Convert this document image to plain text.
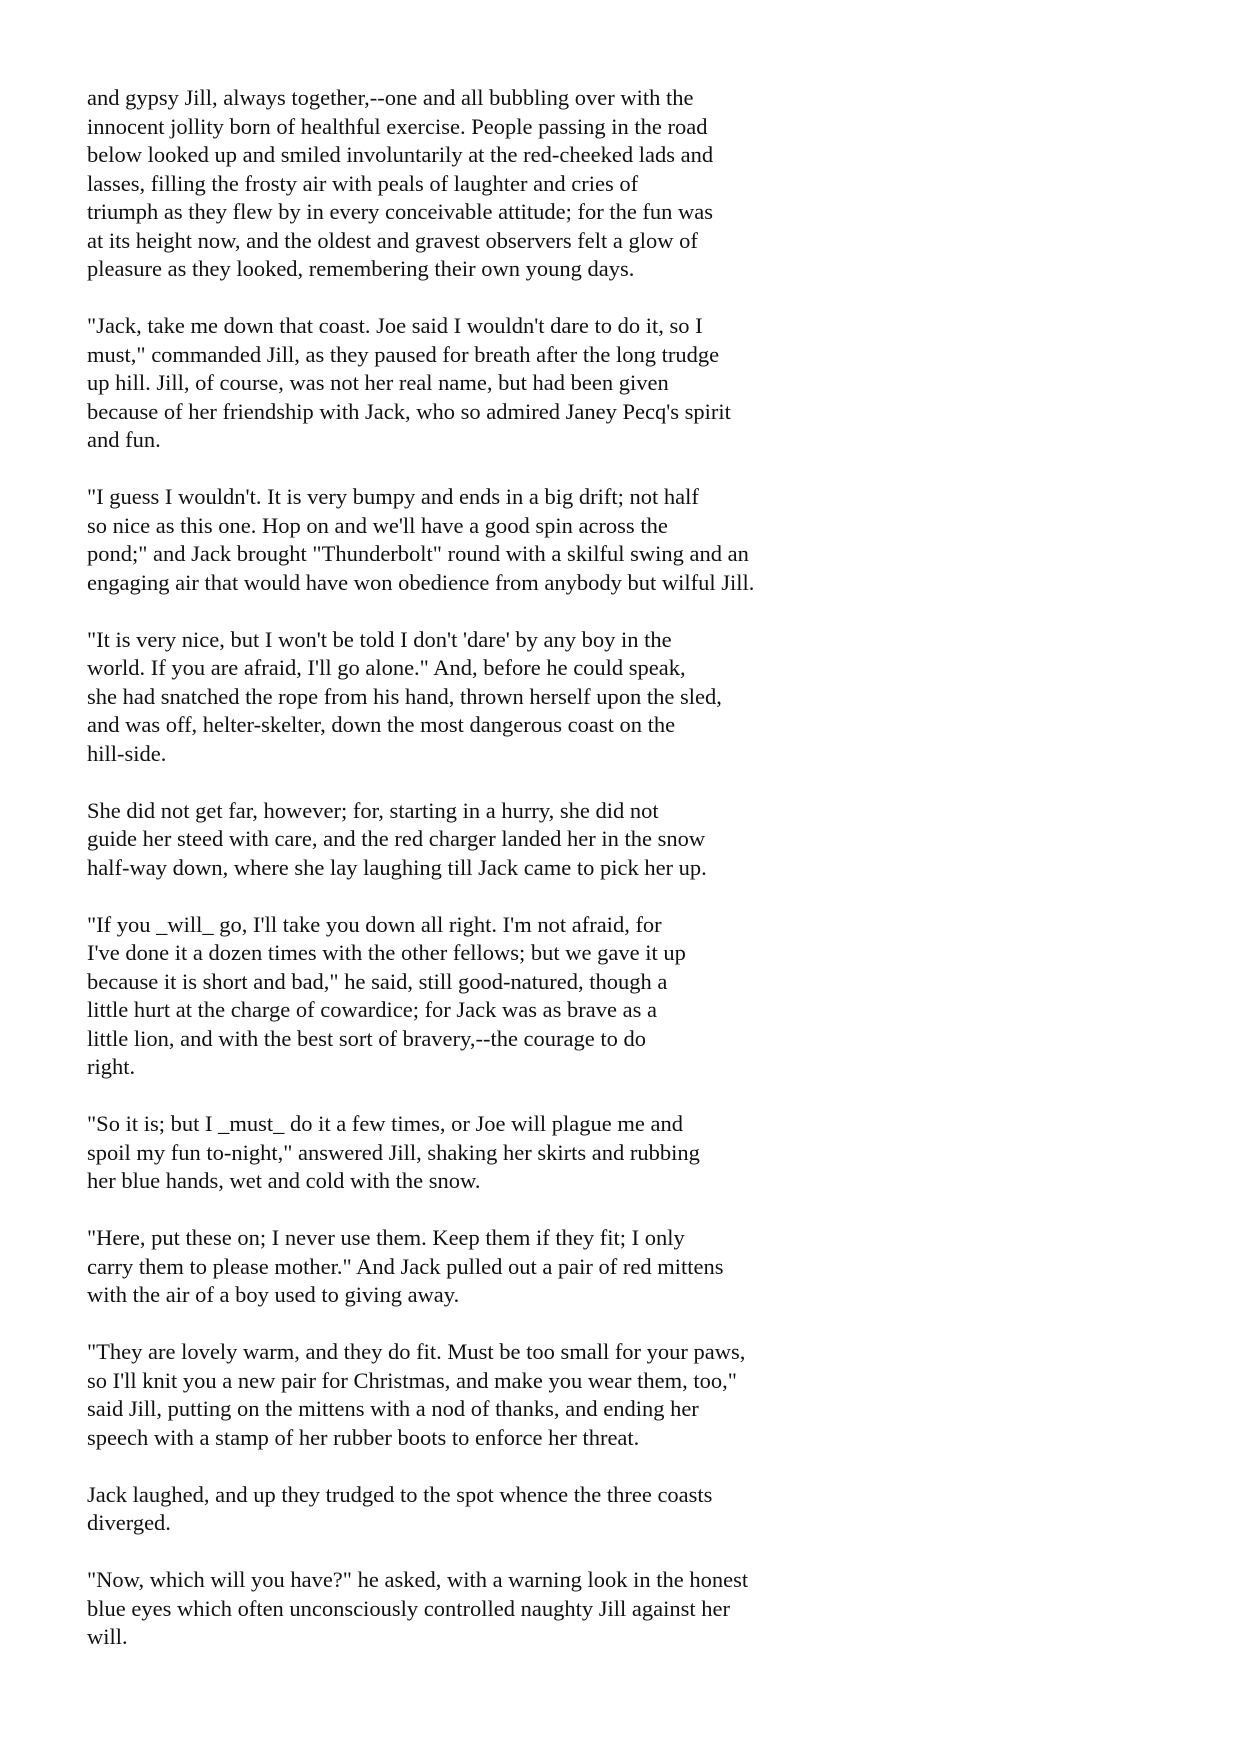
and gypsy Jill, always together,--one and all bubbling over with the
innocent jollity born of healthful exercise. People passing in the road
below looked up and smiled involuntarily at the red-cheeked lads and
lasses, filling the frosty air with peals of laughter and cries of
triumph as they flew by in every conceivable attitude; for the fun was
at its height now, and the oldest and gravest observers felt a glow of
pleasure as they looked, remembering their own young days.
"Jack, take me down that coast. Joe said I wouldn't dare to do it, so I
must," commanded Jill, as they paused for breath after the long trudge
up hill. Jill, of course, was not her real name, but had been given
because of her friendship with Jack, who so admired Janey Pecq's spirit
and fun.
"I guess I wouldn't. It is very bumpy and ends in a big drift; not half
so nice as this one. Hop on and we'll have a good spin across the
pond;" and Jack brought "Thunderbolt" round with a skilful swing and an
engaging air that would have won obedience from anybody but wilful Jill.
"It is very nice, but I won't be told I don't 'dare' by any boy in the
world. If you are afraid, I'll go alone." And, before he could speak,
she had snatched the rope from his hand, thrown herself upon the sled,
and was off, helter-skelter, down the most dangerous coast on the
hill-side.
She did not get far, however; for, starting in a hurry, she did not
guide her steed with care, and the red charger landed her in the snow
half-way down, where she lay laughing till Jack came to pick her up.
"If you _will_ go, I'll take you down all right. I'm not afraid, for
I've done it a dozen times with the other fellows; but we gave it up
because it is short and bad," he said, still good-natured, though a
little hurt at the charge of cowardice; for Jack was as brave as a
little lion, and with the best sort of bravery,--the courage to do
right.
"So it is; but I _must_ do it a few times, or Joe will plague me and
spoil my fun to-night," answered Jill, shaking her skirts and rubbing
her blue hands, wet and cold with the snow.
"Here, put these on; I never use them. Keep them if they fit; I only
carry them to please mother." And Jack pulled out a pair of red mittens
with the air of a boy used to giving away.
"They are lovely warm, and they do fit. Must be too small for your paws,
so I'll knit you a new pair for Christmas, and make you wear them, too,"
said Jill, putting on the mittens with a nod of thanks, and ending her
speech with a stamp of her rubber boots to enforce her threat.
Jack laughed, and up they trudged to the spot whence the three coasts
diverged.
"Now, which will you have?" he asked, with a warning look in the honest
blue eyes which often unconsciously controlled naughty Jill against her
will.
